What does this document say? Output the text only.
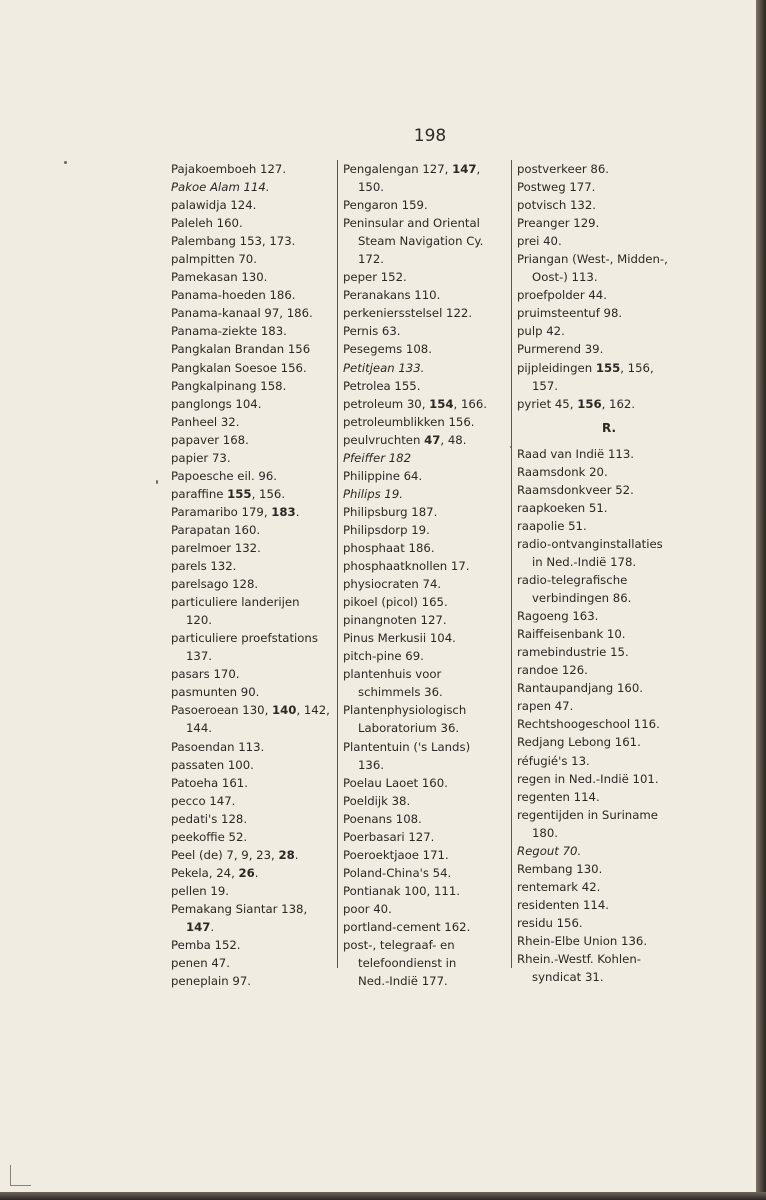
198
Pajakoemboeh 127.
Pakoe Alam 114.
palawidja 124.
Paleleh 160.
Palembang 153, 173.
palmpitten 70.
Pamekasan 130.
Panama-hoeden 186.
Panama-kanaal 97, 186.
Panama-ziekte 183.
Pangkalan Brandan 156
Pangkalan Soesoe 156.
Pangkalpinang 158.
panglongs 104.
Panheel 32.
papaver 168.
papier 73.
Papoesche eil. 96.
paraffine 155, 156.
Paramaribo 179, 183.
Parapatan 160.
parelmoer 132.
parels 132.
parelsago 128.
particuliere landerijen
120.
particuliere proefstations
137.
pasars 170.
pasmunten 90.
Pasoeroean 130, 140, 142,
144.
Pasoendan 113.
passaten 100.
Patoeha 161.
pecco 147.
pedati's 128.
peekoffie 52.
Peel (de) 7, 9, 23, 28.
Pekela, 24, 26.
pellen 19.
Pemakang Siantar 138,
147.
Pemba 152.
penen 47.
peneplain 97.
Pengalengan 127, 147,
150.
Pengaron 159.
Peninsular and Oriental
Steam Navigation Cy.
172.
peper 152.
Peranakans 110.
perkeniersstelsel 122.
Pernis 63.
Pesegems 108.
Petitjean 133.
Petrolea 155.
petroleum 30, 154, 166.
petroleumblikken 156.
peulvruchten 47, 48.
Pfeiffer 182
Philippine 64.
Philips 19.
Philipsburg 187.
Philipsdorp 19.
phosphaat 186.
phosphaatknollen 17.
physiocraten 74.
pikoel (picol) 165.
pinangnoten 127.
Pinus Merkusii 104.
pitch-pine 69.
plantenhuis voor
schimmels 36.
Plantenphysiologisch
Laboratorium 36.
Plantentuin ('s Lands)
136.
Poelau Laoet 160.
Poeldijk 38.
Poenans 108.
Poerbasari 127.
Poeroektjaoe 171.
Poland-China's 54.
Pontianak 100, 111.
poor 40.
portland-cement 162.
post-, telegraaf- en
telefoondienst in
Ned.-Indië 177.
postverkeer 86.
Postweg 177.
potvisch 132.
Preanger 129.
prei 40.
Priangan (West-, Midden-,
Oost-) 113.
proefpolder 44.
pruimsteentuf 98.
pulp 42.
Purmerend 39.
pijpleidingen 155, 156,
157.
pyriet 45, 156, 162.
R.
Raad van Indië 113.
Raamsdonk 20.
Raamsdonkveer 52.
raapkoeken 51.
raapolie 51.
radio-ontvanginstallaties
in Ned.-Indië 178.
radio-telegrafische
verbindingen 86.
Ragoeng 163.
Raiffeisenbank 10.
ramebindustrie 15.
randoe 126.
Rantaupandjang 160.
rapen 47.
Rechtshoogeschool 116.
Redjang Lebong 161.
réfugié's 13.
regen in Ned.-Indië 101.
regenten 114.
regentijden in Suriname
180.
Regout 70.
Rembang 130.
rentemark 42.
residenten 114.
residu 156.
Rhein-Elbe Union 136.
Rhein.-Westf. Kohlen-
syndicat 31.
